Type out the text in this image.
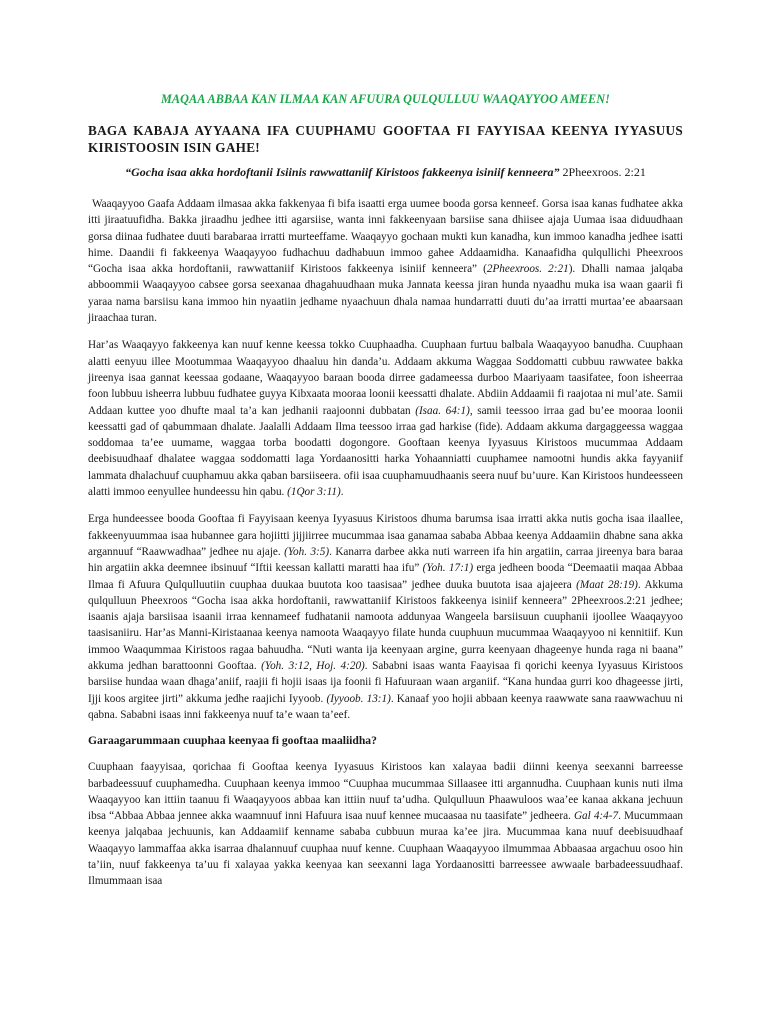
MAQAA ABBAA KAN ILMAA KAN AFUURA QULQULLUU WAAQAYYOO AMEEN!
BAGA KABAJA AYYAANA IFA CUUPHAMU GOOFTAA FI FAYYISAA KEENYA IYYASUUS KIRISTOOSIN ISIN GAHE!
“Gocha isaa akka hordoftanii Isiinis rawwattaniif Kiristoos fakkeenya isiniif kenneera” 2Pheexroos. 2:21

Waaqayyoo Gaafa Addaam ilmasaa akka fakkenyaa fi bifa isaatti erga uumee booda gorsa kenneef. Gorsa isaa kanas fudhatee akka itti jiraatuufidha. Bakka jiraadhu jedhee itti agarsiise, wanta inni fakkeenyaan barsiise sana dhiisee ajaja Uumaa isaa diduudhaan gorsa diinaa fudhatee duuti barabaraa irratti murteeffame. Waaqayyo gochaan mukti kun kanadha, kun immoo kanadha jedhee isatti hime. Daandii fi fakkeenya Waaqayyoo fudhachuu dadhabuun immoo gahee Addaamidha. Kanaafidha qulqullichi Pheexroos “Gocha isaa akka hordoftanii, rawwattaniif Kiristoos fakkeenya isiniif kenneera” (2Pheexroos. 2:21). Dhalli namaa jalqaba abboommii Waaqayyoo cabsee gorsa seexanaa dhagahuudhaan muka Jannata keessa jiran hunda nyaadhu muka isa waan gaarii fi yaraa nama barsiisu kana immoo hin nyaatiin jedhame nyaachuun dhala namaa hundarratti duuti du’aa irratti murtaa’ee abaarsaan jiraachaa turan.

Har’as Waaqayyo fakkeenya kan nuuf kenne keessa tokko Cuuphaadha. Cuuphaan furtuu balbala Waaqayyoo banudha. Cuuphaan alatti eenyuu illee Mootummaa Waaqayyoo dhaaluu hin danda’u. Addaam akkuma Waggaa Soddomatti cubbuu rawwatee bakka jireenya isaa gannat keessaa godaane, Waaqayyoo baraan booda dirree gadameessa durboo Maariyaam taasifatee, foon isheerraa foon lubbuu isheerra lubbuu fudhatee guyya Kibxaata mooraa loonii keessatti dhalate. Abdiin Addaamii fi raajotaa ni mul’ate. Samii Addaan kuttee yoo dhufte maal ta’a kan jedhanii raajoonni dubbatan (Isaa. 64:1), samii teessoo irraa gad bu’ee mooraa loonii keessatti gad of qabummaan dhalate. Jaalalli Addaam Ilma teessoo irraa gad harkise (fide). Addaam akkuma dargaggeessa waggaa soddomaa ta’ee uumame, waggaa torba boodatti dogongore. Gooftaan keenya Iyyasuus Kiristoos mucummaa Addaam deebisuudhaaf dhalatee waggaa soddomatti laga Yordaanositti harka Yohaanniatti cuuphamee namootni hundis akka fayyaniif lammata dhalachuuf cuuphamuu akka qaban barsiiseera. ofii isaa cuuphamuudhaanis seera nuuf bu’uure. Kan Kiristoos hundeesseen alatti immoo eenyullee hundeessu hin qabu. (1Qor 3:11).

Erga hundeessee booda Gooftaa fi Fayyisaan keenya Iyyasuus Kiristoos dhuma barumsa isaa irratti akka nutis gocha isaa ilaallee, fakkeenyuummaa isaa hubannee gara hojiitti jijjiirree mucummaa isaa ganamaa sababa Abbaa keenya Addaamiin dhabne sana akka argannuuf “Raawwadhaa” jedhee nu ajaje. (Yoh. 3:5). Kanarra darbee akka nuti warreen ifa hin argatiin, carraa jireenya bara baraa hin argatiin akka deemnee ibsinuuf “Iftii keessan kallatti maratti haa ifu” (Yoh. 17:1) erga jedheen booda “Deemaatii maqaa Abbaa Ilmaa fi Afuura Qulqulluutiin cuuphaa duukaa buutota koo taasisaa” jedhee duuka buutota isaa ajajeera (Maat 28:19). Akkuma qulqulluun Pheexroos “Gocha isaa akka hordoftanii, rawwattaniif Kiristoos fakkeenya isiniif kenneera” 2Pheexroos.2:21 jedhee; isaanis ajaja barsiisaa isaanii irraa kennameef fudhatanii namoota addunyaa Wangeela barsiisuun cuuphanii ijoollee Waaqayyoo taasisaniiru. Har’as Manni-Kiristaanaa keenya namoota Waaqayyo filate hunda cuuphuun mucummaa Waaqayyoo ni kennitiif. Kun immoo Waaqummaa Kiristoos ragaa bahuudha. “Nuti wanta ija keenyaan argine, gurra keenyaan dhageenye hunda raga ni baana” akkuma jedhan barattoonni Gooftaa. (Yoh. 3:12, Hoj. 4:20). Sababni isaas wanta Faayisaa fi qorichi keenya Iyyasuus Kiristoos barsiise hundaa waan dhaga’aniif, raajii fi hojii isaas ija foonii fi Hafuuraan waan arganiif. “Kana hundaa gurri koo dhageesse jirti, Ijji koos argitee jirti” akkuma jedhe raajichi Iyyoob. (Iyyoob. 13:1). Kanaaf yoo hojii abbaan keenya raawwate sana raawwachuu ni qabna. Sababni isaas inni fakkeenya nuuf ta’e waan ta’eef.

Garaagarummaan cuuphaa keenyaa fi gooftaa maaliidha?

Cuuphaan faayyisaa, qorichaa fi Gooftaa keenya Iyyasuus Kiristoos kan xalayaa badii diinni keenya seexanni barreesse barbadeessuuf cuuphamedha. Cuuphaan keenya immoo “Cuuphaa mucummaa Sillaasee itti argannudha. Cuuphaan kunis nuti ilma Waaqayyoo kan ittiin taanuu fi Waaqayyoos abbaa kan ittiin nuuf ta’udha. Qulqulluun Phaawuloos waa’ee kanaa akkana jechuun ibsa “Abbaa Abbaa jennee akka waamnuuf inni Hafuura isaa nuuf kennee mucaasaa nu taasifate” jedheera. Gal 4:4-7. Mucummaan keenya jalqabaa jechuunis, kan Addaamiif kenname sababa cubbuun muraa ka’ee jira. Mucummaa kana nuuf deebisuudhaaf Waaqayyo lammaffaa akka isarraa dhalannuuf cuuphaa nuuf kenne. Cuuphaan Waaqayyoo ilmummaa Abbaasaa argachuu osoo hin ta’iin, nuuf fakkeenya ta’uu fi xalayaa yakka keenyaa kan seexanni laga Yordaanositti barreessee awwaale barbadeessuudhaaf. Ilmummaan isaa
